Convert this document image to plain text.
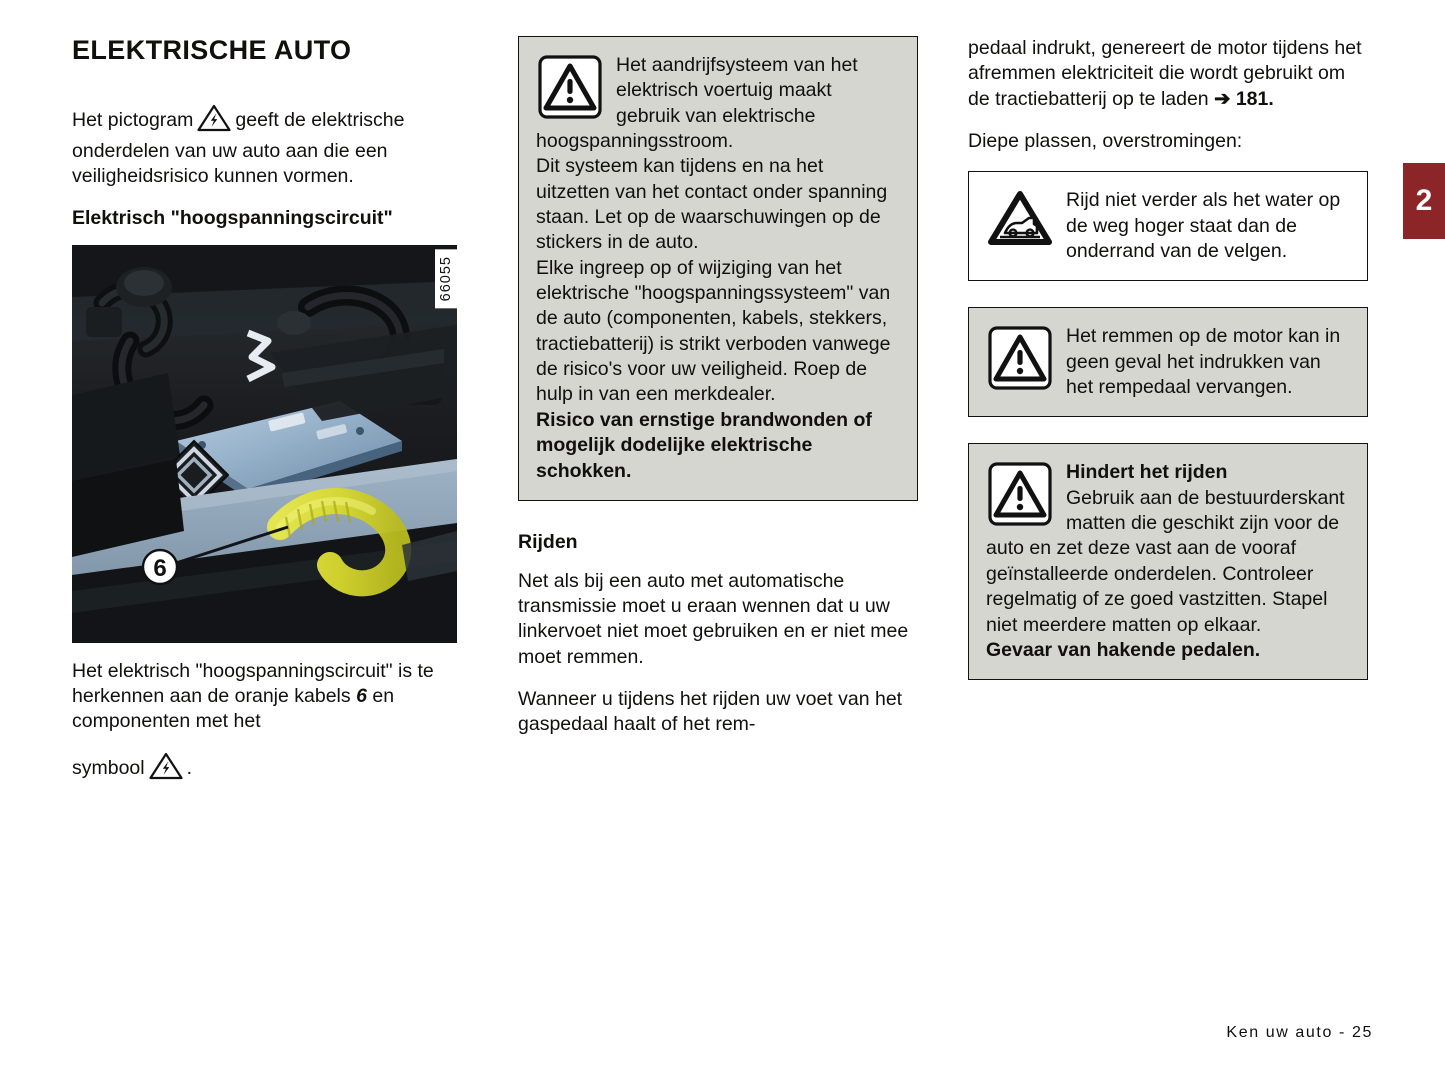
2
ELEKTRISCHE AUTO

Het pictogram geeft de elektrische onderdelen van uw auto aan die een veiligheidsrisico kunnen vormen.

Elektrisch "hoogspanningscircuit"
6
66055

Het elektrisch "hoogspanningscircuit" is te herkennen aan de oranje kabels 6 en componenten met het

symbool .

Het aandrijfsysteem van het elektrisch voertuig maakt gebruik van elektrische hoogspanningsstroom.

Dit systeem kan tijdens en na het uitzetten van het contact onder spanning staan. Let op de waarschuwingen op de stickers in de auto.

Elke ingreep op of wijziging van het elektrische "hoogspanningssysteem" van de auto (componenten, kabels, stekkers, tractiebatterij) is strikt verboden vanwege de risico's voor uw veiligheid. Roep de hulp in van een merkdealer.

Risico van ernstige brandwonden of mogelijk dodelijke elektrische schokken.

Rijden

Net als bij een auto met automatische transmissie moet u eraan wennen dat u uw linkervoet niet moet gebruiken en er niet mee moet remmen.

Wanneer u tijdens het rijden uw voet van het gaspedaal haalt of het rem-

pedaal indrukt, genereert de motor tijdens het afremmen elektriciteit die wordt gebruikt om de tractiebatterij op te laden ➔ 181.

Diepe plassen, overstromingen:

Rijd niet verder als het water op de weg hoger staat dan de onderrand van de velgen.

Het remmen op de motor kan in geen geval het indrukken van het rempedaal vervangen.

Hindert het rijden

Gebruik aan de bestuurderskant matten die geschikt zijn voor de auto en zet deze vast aan de vooraf geïnstalleerde onderdelen. Controleer regelmatig of ze goed vastzitten. Stapel niet meerdere matten op elkaar.

Gevaar van hakende pedalen.

Ken uw auto - 25
